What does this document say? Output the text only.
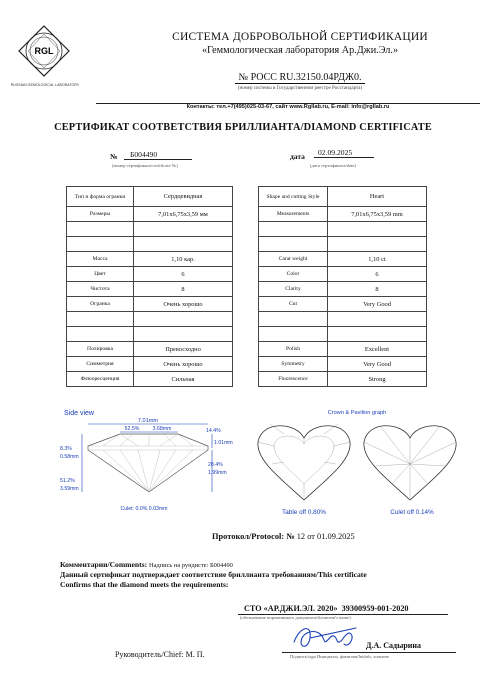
RGL
RUSSIAN GEMOLOGICAL LABORATORY
СИСТЕМА ДОБРОВОЛЬНОЙ СЕРТИФИКАЦИИ
«Геммологическая лаборатория Ар.Джи.Эл.»
№ РОСС RU.32150.04РДЖ0.
(номер системы в Государственном реестре Росстандарта)
Контакты: тел.+7(495)025-03-67, сайт www.Rgllab.ru, E-mail: info@rgllab.ru
СЕРТИФИКАТ СООТВЕТСТВИЯ БРИЛЛИАНТА/DIAMOND CERTIFICATE
№	Б004490
(номер сертификата/certificate №)
дата	02.09.2025
(дата сертификата/date)
Тип и форма огранки	Сердцевидная
Размеры	7,01x6,75x3,59 мм

Масса	1,10 кар.
Цвет	6
Чистота	8
Огранка	Очень хорошо

Полировка	Превосходно
Симметрия	Очень хорошо
Флюоресценция	Сильная
Shape and cutting Style	Heart
Measurements	7,01x6,75x3,59 mm

Carat weight	1,10 ct
Color	6
Clarity	8
Cut	Very Good

Polish	Excellent
Symmetry	Very Good
Fluorescence	Strong
Side view
7.01mm
52.5%	3.68mm	14.4%
1.01mm
28.4%
1.99mm
8.3%
0.58mm
51.2%
3.59mm
Culet: 0.0% 0.03mm
Crown & Pavilion graph
Table off 0.80%	Culet off 0.14%
Протокол/Protocol: № 12 от 01.09.2025
Комментарии/Comments: Надпись на рундисте: Б004490
Данный сертификат подтверждает соответствие бриллианта требованиям/This certificate
Confirms that the diamond meets the requirements:
СТО «АР.ДЖИ.ЭЛ. 2020» 39300959-001-2020
(обозначение нормативного документа/document's name)
Руководитель/Chief: М. П.
Д.А. Садырина
Подпись/sign Инициалы, фамилия/Initials, surname
